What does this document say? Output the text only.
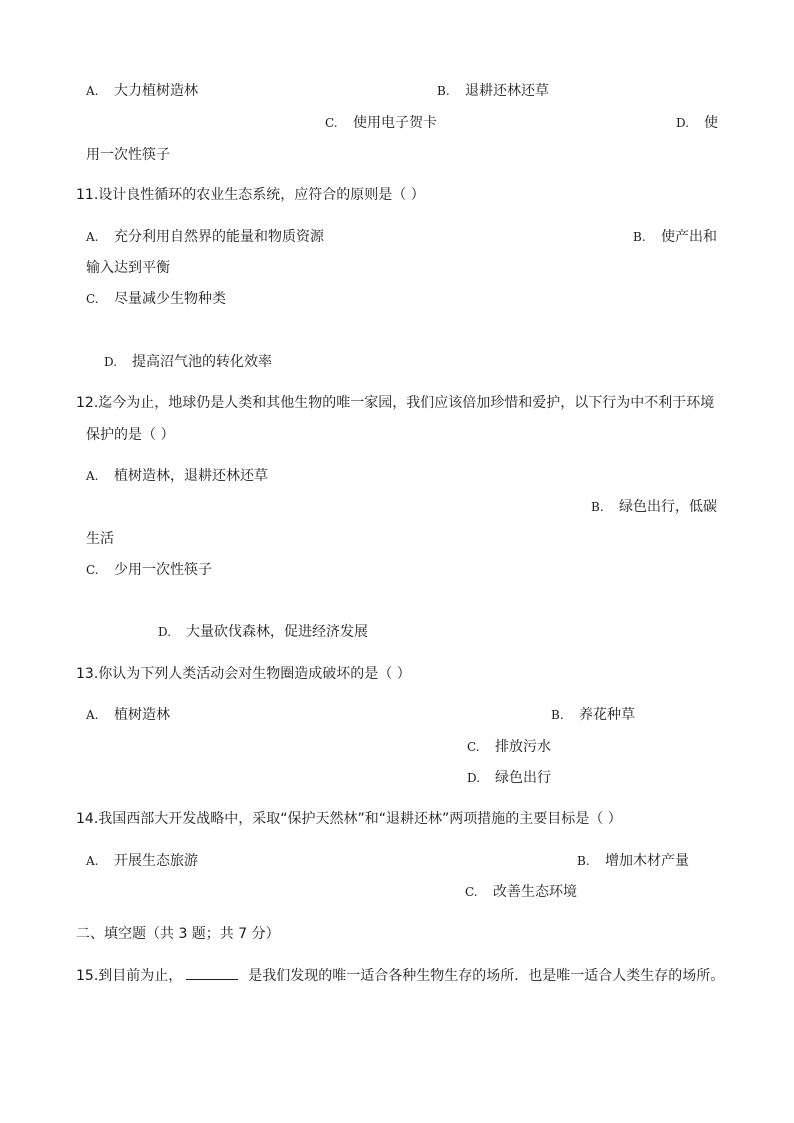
A. 大力植树造林	B. 退耕还林还草
C. 使用电子贺卡	D. 使
用一次性筷子
11.设计良性循环的农业生态系统，应符合的原则是（ ）
A. 充分利用自然界的能量和物质资源	B. 使产出和
输入达到平衡
C. 尽量减少生物种类
D. 提高沼气池的转化效率
12.迄今为止，地球仍是人类和其他生物的唯一家园，我们应该倍加珍惜和爱护，以下行为中不利于环境
保护的是（ ）
A. 植树造林，退耕还林还草
B. 绿色出行，低碳
生活
C. 少用一次性筷子
D. 大量砍伐森林，促进经济发展
13.你认为下列人类活动会对生物圈造成破坏的是（ ）
A. 植树造林	B. 养花种草
C. 排放污水
D. 绿色出行
14.我国西部大开发战略中，采取“保护天然林”和“退耕还林”两项措施的主要目标是（ ）
A. 开展生态旅游	B. 增加木材产量
C. 改善生态环境
二、填空题（共 3 题；共 7 分）
15.到目前为止，	是我们发现的唯一适合各种生物生存的场所．也是唯一适合人类生存的场所。
